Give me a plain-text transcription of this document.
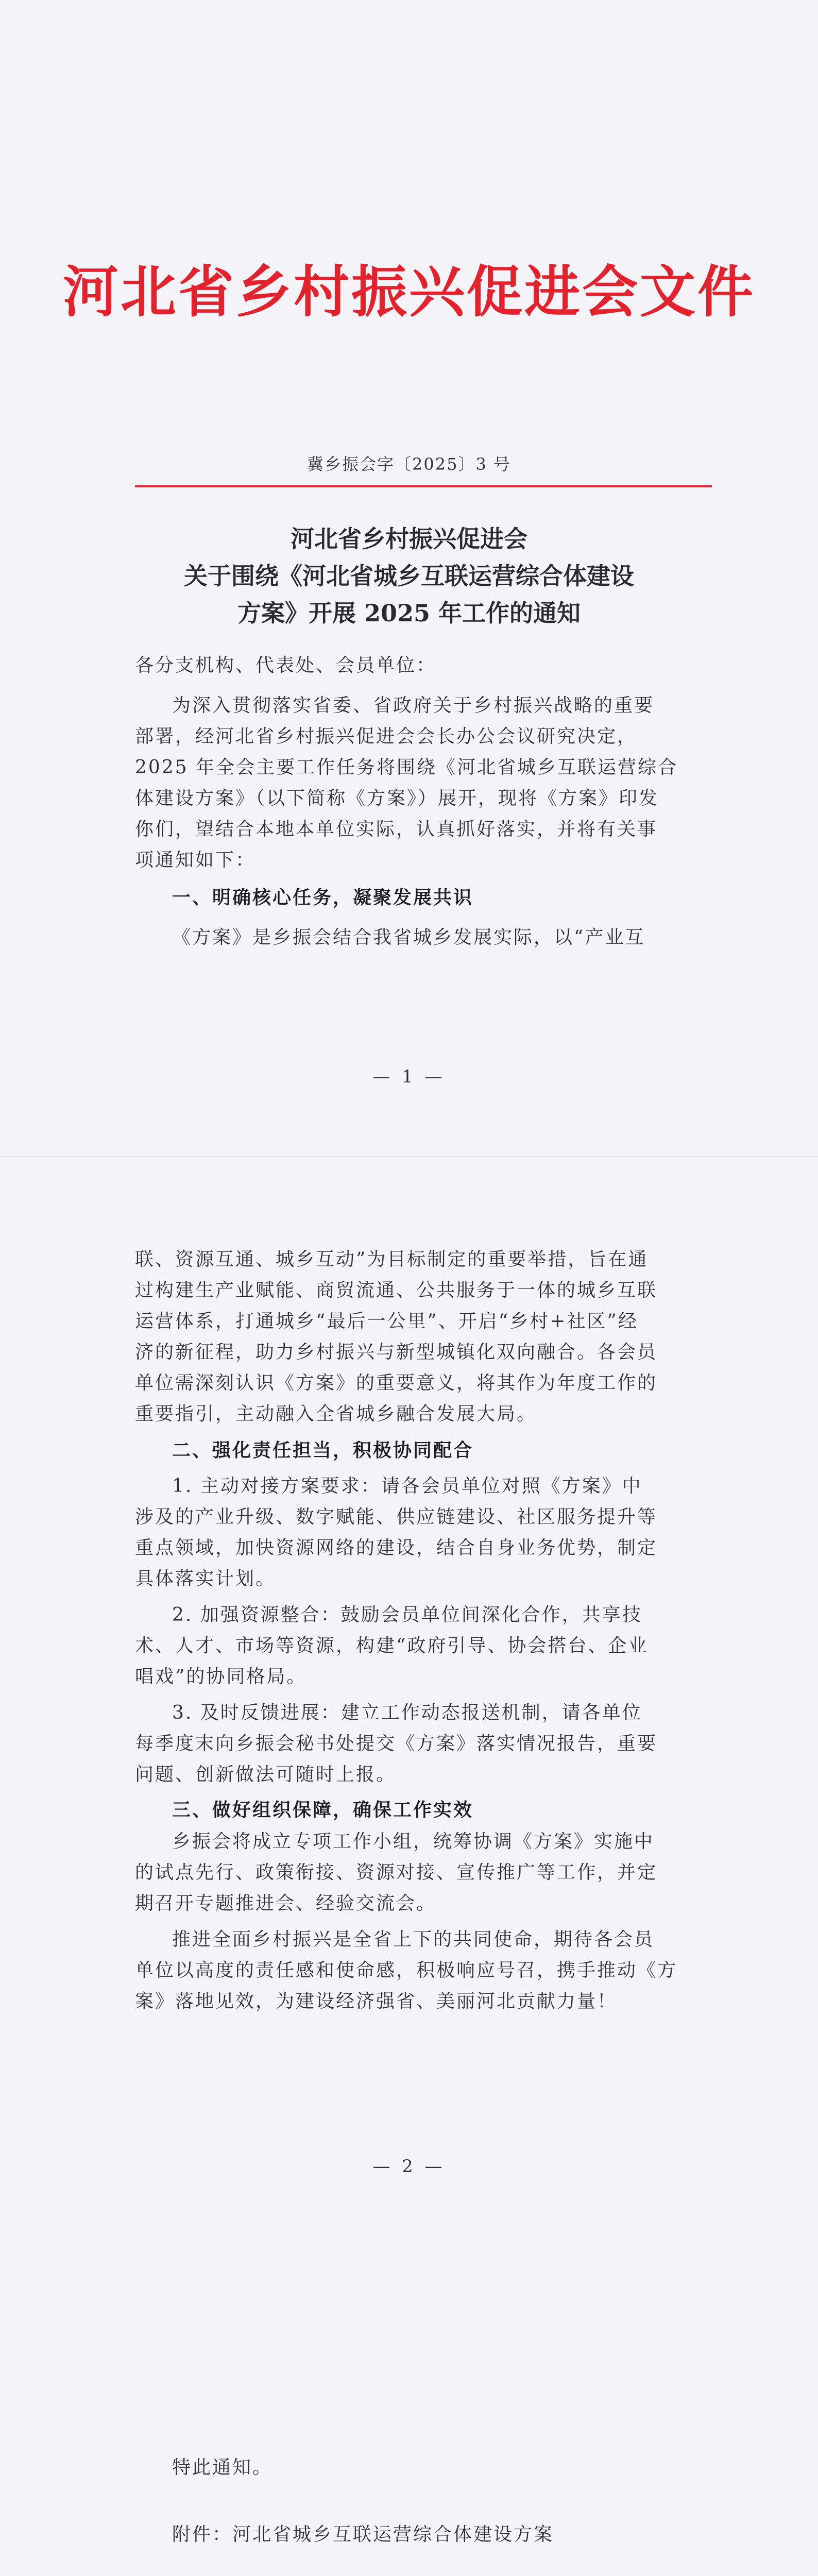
河北省乡村振兴促进会文件
冀乡振会字〔2025〕3 号
河北省乡村振兴促进会
关于围绕《河北省城乡互联运营综合体建设
方案》开展 2025 年工作的通知
各分支机构、代表处、会员单位：
为深入贯彻落实省委、省政府关于乡村振兴战略的重要
部署，经河北省乡村振兴促进会会长办公会议研究决定，
2025 年全会主要工作任务将围绕《河北省城乡互联运营综合
体建设方案》（以下简称《方案》）展开，现将《方案》印发
你们，望结合本地本单位实际，认真抓好落实，并将有关事
项通知如下：
一、明确核心任务，凝聚发展共识
《方案》是乡振会结合我省城乡发展实际，以“产业互
— 1 —
联、资源互通、城乡互动”为目标制定的重要举措，旨在通
过构建生产业赋能、商贸流通、公共服务于一体的城乡互联
运营体系，打通城乡“最后一公里”、开启“乡村+社区”经
济的新征程，助力乡村振兴与新型城镇化双向融合。各会员
单位需深刻认识《方案》的重要意义，将其作为年度工作的
重要指引，主动融入全省城乡融合发展大局。
二、强化责任担当，积极协同配合
1. 主动对接方案要求：请各会员单位对照《方案》中
涉及的产业升级、数字赋能、供应链建设、社区服务提升等
重点领域，加快资源网络的建设，结合自身业务优势，制定
具体落实计划。
2. 加强资源整合：鼓励会员单位间深化合作，共享技
术、人才、市场等资源，构建“政府引导、协会搭台、企业
唱戏”的协同格局。
3. 及时反馈进展：建立工作动态报送机制，请各单位
每季度末向乡振会秘书处提交《方案》落实情况报告，重要
问题、创新做法可随时上报。
三、做好组织保障，确保工作实效
乡振会将成立专项工作小组，统筹协调《方案》实施中
的试点先行、政策衔接、资源对接、宣传推广等工作，并定
期召开专题推进会、经验交流会。
推进全面乡村振兴是全省上下的共同使命，期待各会员
单位以高度的责任感和使命感，积极响应号召，携手推动《方
案》落地见效，为建设经济强省、美丽河北贡献力量！
— 2 —
特此通知。
附件：河北省城乡互联运营综合体建设方案
